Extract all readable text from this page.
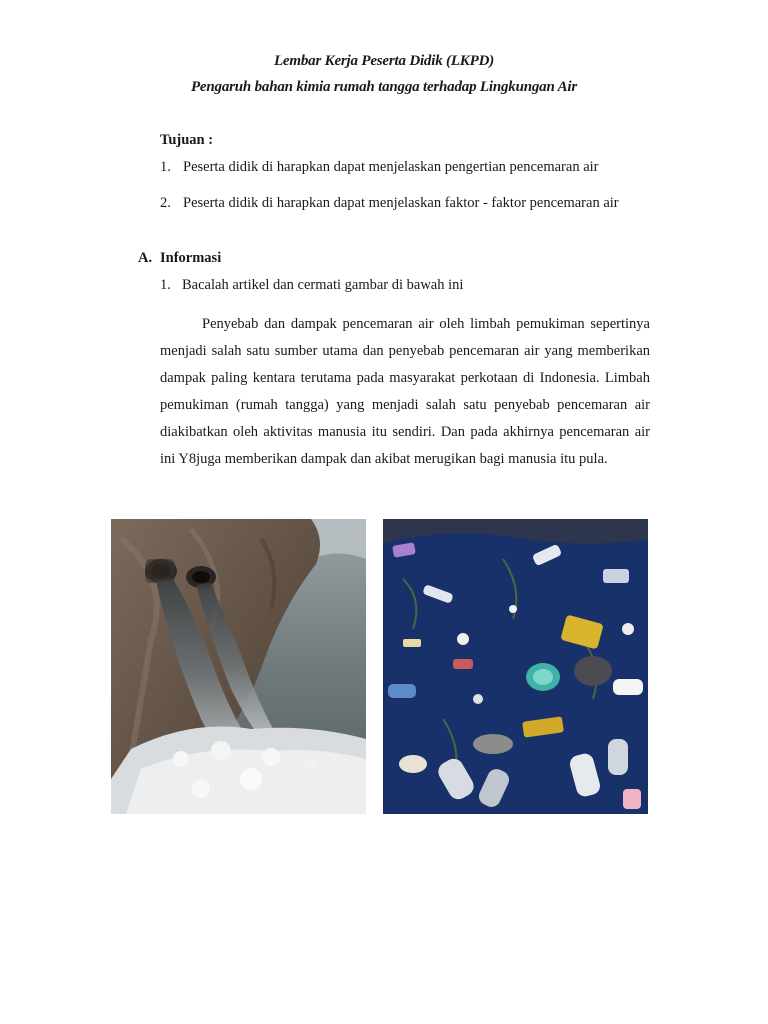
Lembar Kerja Peserta Didik (LKPD)
Pengaruh bahan kimia rumah tangga terhadap Lingkungan Air
Tujuan :
1. Peserta didik di harapkan dapat menjelaskan pengertian pencemaran air
2. Peserta didik di harapkan dapat menjelaskan faktor - faktor pencemaran air
A. Informasi
1. Bacalah artikel dan cermati gambar di bawah ini

Penyebab dan dampak pencemaran air oleh limbah pemukiman sepertinya menjadi salah satu sumber utama dan penyebab pencemaran air yang memberikan dampak paling kentara terutama pada masyarakat perkotaan di Indonesia. Limbah pemukiman (rumah tangga) yang menjadi salah satu penyebab pencemaran air diakibatkan oleh aktivitas manusia itu sendiri. Dan pada akhirnya pencemaran air ini Y8juga memberikan dampak dan akibat merugikan bagi manusia itu pula.
